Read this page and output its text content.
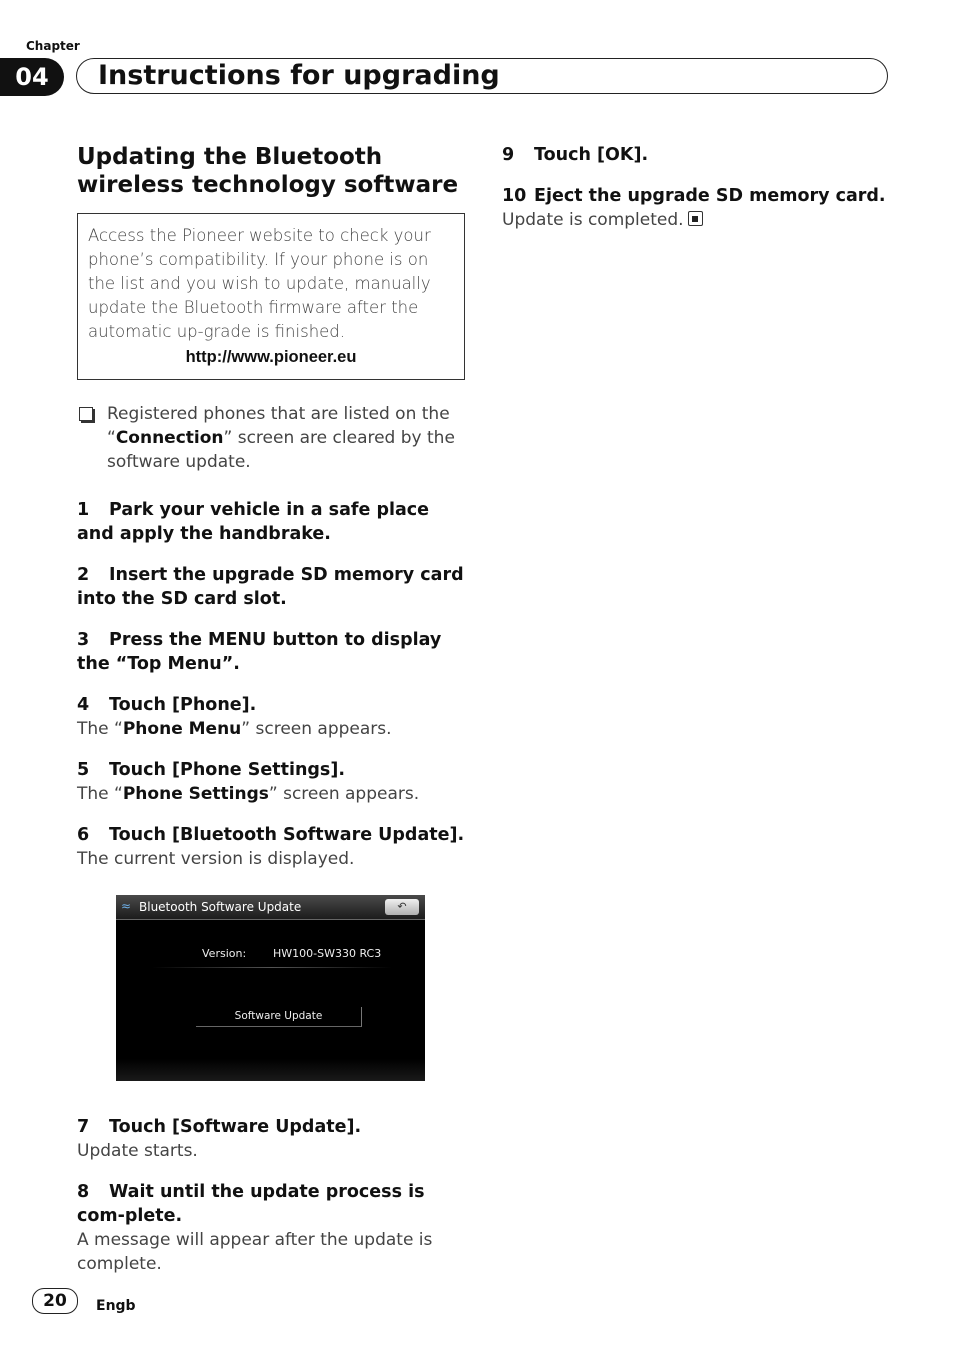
Chapter
04	Instructions for upgrading
Updating the Bluetooth wireless technology software
Access the Pioneer website to check your phone’s compatibility. If your phone is on the list and you wish to update, manually update the Bluetooth firmware after the automatic up-grade is finished.
http://www.pioneer.eu
Registered phones that are listed on the “Connection” screen are cleared by the software update.
1 Park your vehicle in a safe place and apply the handbrake.
2 Insert the upgrade SD memory card into the SD card slot.
3 Press the MENU button to display the “Top Menu”.
4 Touch [Phone].
The “Phone Menu” screen appears.
5 Touch [Phone Settings].
The “Phone Settings” screen appears.
6 Touch [Bluetooth Software Update].
The current version is displayed.
≈ Bluetooth Software Update	↶
Version: HW100-SW330 RC3
Software Update
7 Touch [Software Update].
Update starts.
8 Wait until the update process is com-plete.
A message will appear after the update is complete.
9 Touch [OK].
10 Eject the upgrade SD memory card.
Update is completed.
20	Engb
